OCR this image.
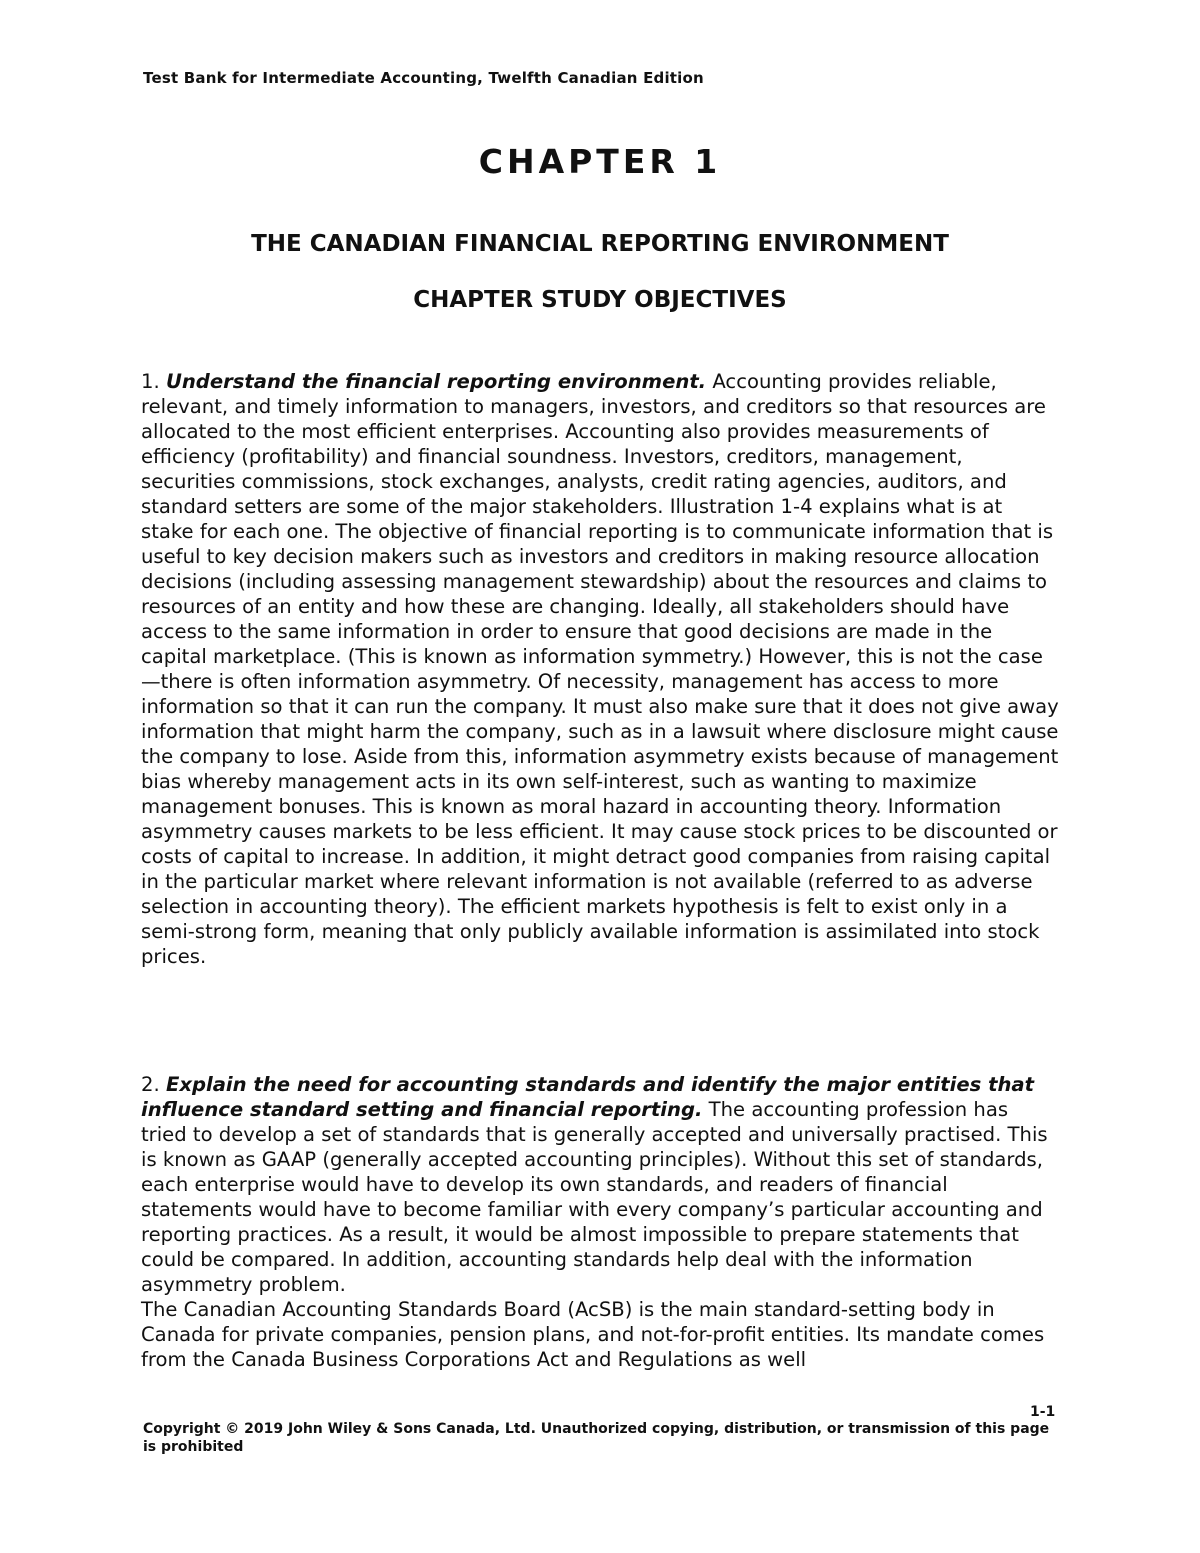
Test Bank for Intermediate Accounting, Twelfth Canadian Edition
CHAPTER 1
THE CANADIAN FINANCIAL REPORTING ENVIRONMENT
CHAPTER STUDY OBJECTIVES
1. Understand the financial reporting environment. Accounting provides reliable, relevant, and timely information to managers, investors, and creditors so that resources are allocated to the most efficient enterprises. Accounting also provides measurements of efficiency (profitability) and financial soundness. Investors, creditors, management, securities commissions, stock exchanges, analysts, credit rating agencies, auditors, and standard setters are some of the major stakeholders. Illustration 1-4 explains what is at stake for each one. The objective of financial reporting is to communicate information that is useful to key decision makers such as investors and creditors in making resource allocation decisions (including assessing management stewardship) about the resources and claims to resources of an entity and how these are changing. Ideally, all stakeholders should have access to the same information in order to ensure that good decisions are made in the capital marketplace. (This is known as information symmetry.) However, this is not the case—there is often information asymmetry. Of necessity, management has access to more information so that it can run the company. It must also make sure that it does not give away information that might harm the company, such as in a lawsuit where disclosure might cause the company to lose. Aside from this, information asymmetry exists because of management bias whereby management acts in its own self-interest, such as wanting to maximize management bonuses. This is known as moral hazard in accounting theory. Information asymmetry causes markets to be less efficient. It may cause stock prices to be discounted or costs of capital to increase. In addition, it might detract good companies from raising capital in the particular market where relevant information is not available (referred to as adverse selection in accounting theory). The efficient markets hypothesis is felt to exist only in a semi-strong form, meaning that only publicly available information is assimilated into stock prices.
2. Explain the need for accounting standards and identify the major entities that influence standard setting and financial reporting. The accounting profession has tried to develop a set of standards that is generally accepted and universally practised. This is known as GAAP (generally accepted accounting principles). Without this set of standards, each enterprise would have to develop its own standards, and readers of financial statements would have to become familiar with every company’s particular accounting and reporting practices. As a result, it would be almost impossible to prepare statements that could be compared. In addition, accounting standards help deal with the information asymmetry problem.
The Canadian Accounting Standards Board (AcSB) is the main standard-setting body in Canada for private companies, pension plans, and not-for-profit entities. Its mandate comes from the Canada Business Corporations Act and Regulations as well
1-1
Copyright © 2019 John Wiley & Sons Canada, Ltd. Unauthorized copying, distribution, or transmission of this page is prohibited
